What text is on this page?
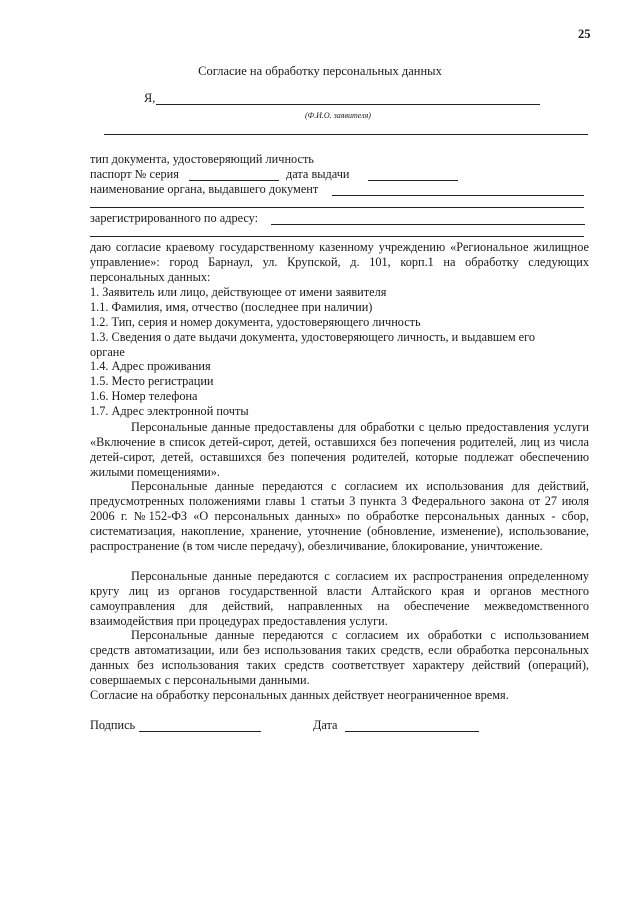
25
Согласие на обработку персональных данных
Я,
(Ф.И.О. заявителя)
тип документа, удостоверяющий личность
паспорт № серия	дата выдачи
наименование органа, выдавшего документ
зарегистрированного по адресу:
даю согласие краевому государственному казенному учреждению «Региональное жилищное управление»: город Барнаул, ул. Крупской, д. 101, корп.1 на обработку следующих персональных данных:
1. Заявитель или лицо, действующее от имени заявителя
1.1. Фамилия, имя, отчество (последнее при наличии)
1.2. Тип, серия и номер документа, удостоверяющего личность
1.3. Сведения о дате выдачи документа, удостоверяющего личность, и выдавшем его
органе
1.4. Адрес проживания
1.5. Место регистрации
1.6. Номер телефона
1.7. Адрес электронной почты
Персональные данные предоставлены для обработки с целью предоставления услуги «Включение в список детей-сирот, детей, оставшихся без попечения родителей, лиц из числа детей-сирот, детей, оставшихся без попечения родителей, которые подлежат обеспечению жилыми помещениями».
Персональные данные передаются с согласием их использования для действий, предусмотренных положениями главы 1 статьи 3 пункта 3 Федерального закона от 27 июля 2006 г. №152-ФЗ «О персональных данных» по обработке персональных данных - сбор, систематизация, накопление, хранение, уточнение (обновление, изменение), использование, распространение (в том числе передачу), обезличивание, блокирование, уничтожение.
Персональные данные передаются с согласием их распространения определенному кругу лиц из органов государственной власти Алтайского края и органов местного самоуправления для действий, направленных на обеспечение межведомственного взаимодействия при процедурах предоставления услуги.
Персональные данные передаются с согласием их обработки с использованием средств автоматизации, или без использования таких средств, если обработка персональных данных без использования таких средств соответствует характеру действий (операций), совершаемых с персональными данными.
Согласие на обработку персональных данных действует неограниченное время.
Подпись	Дата
